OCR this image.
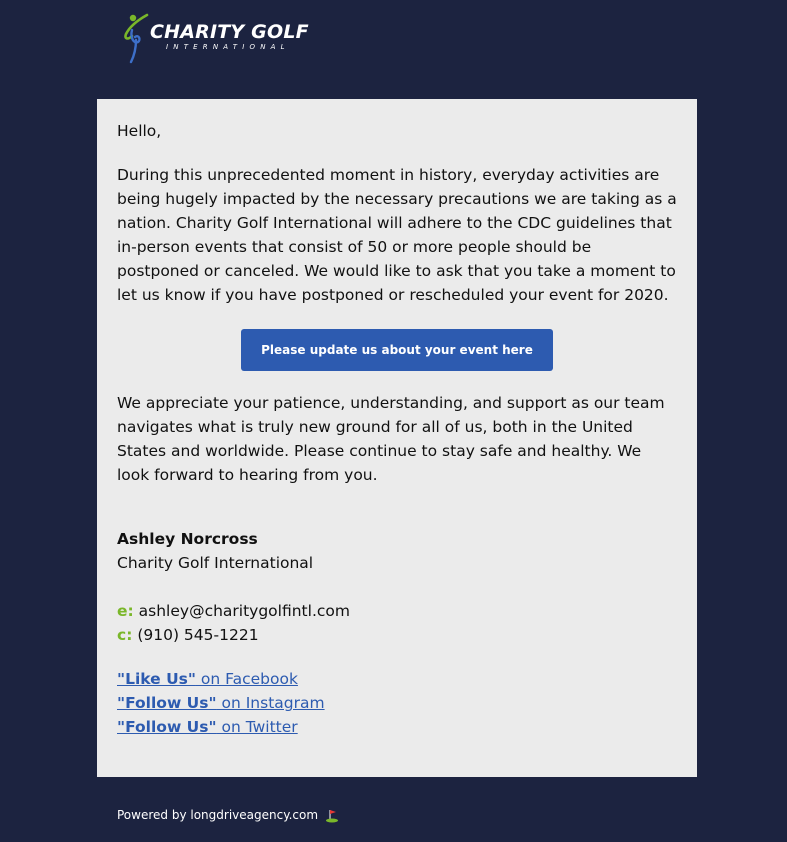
CHARITY GOLF
INTERNATIONAL

Hello,

During this unprecedented moment in history, everyday activities are being hugely impacted by the necessary precautions we are taking as a nation. Charity Golf International will adhere to the CDC guidelines that in-person events that consist of 50 or more people should be postponed or canceled. We would like to ask that you take a moment to let us know if you have postponed or rescheduled your event for 2020.

Please update us about your event here

We appreciate your patience, understanding, and support as our team navigates what is truly new ground for all of us, both in the United States and worldwide. Please continue to stay safe and healthy. We look forward to hearing from you.

Ashley Norcross
Charity Golf International
e: ashley@charitygolfintl.com
c: (910) 545-1221
"Like Us" on Facebook
"Follow Us" on Instagram
"Follow Us" on Twitter
Powered by longdriveagency.com
